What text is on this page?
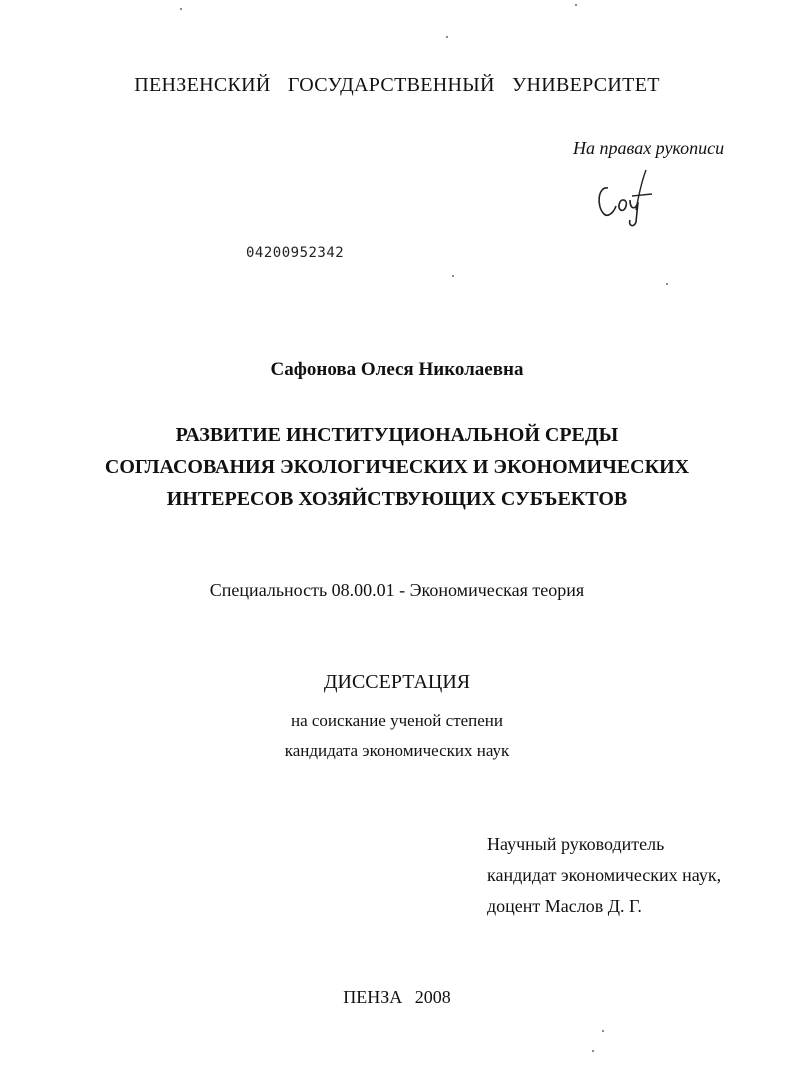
ПЕНЗЕНСКИЙ ГОСУДАРСТВЕННЫЙ УНИВЕРСИТЕТ
На правах рукописи
04200952342
Сафонова Олеся Николаевна
РАЗВИТИЕ ИНСТИТУЦИОНАЛЬНОЙ СРЕДЫ
СОГЛАСОВАНИЯ ЭКОЛОГИЧЕСКИХ И ЭКОНОМИЧЕСКИХ
ИНТЕРЕСОВ ХОЗЯЙСТВУЮЩИХ СУБЪЕКТОВ
Специальность 08.00.01 - Экономическая теория
ДИССЕРТАЦИЯ
на соискание ученой степени
кандидата экономических наук
Научный руководитель
кандидат экономических наук,
доцент Маслов Д. Г.
ПЕНЗА 2008
